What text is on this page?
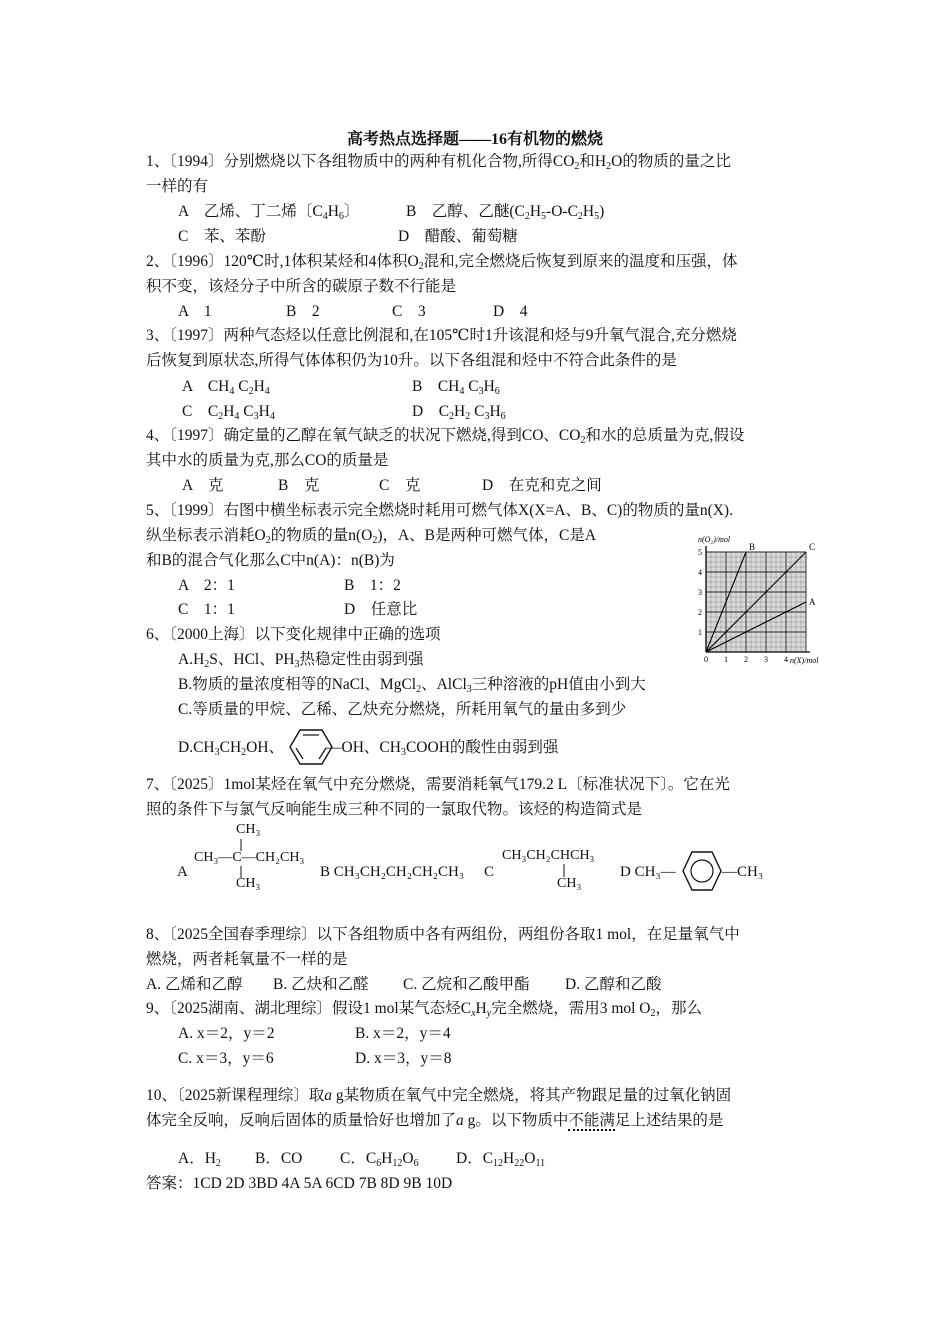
高考热点选择题——16有机物的燃烧
1、〔1994〕分别燃烧以下各组物质中的两种有机化合物,所得$CO_2$和$H_2O$的物质的量之比
一样的有
A　乙烯、丁二烯〔$C_4H_6$〕	B　乙醇、乙醚$(C_2H_5-O-C_2H_5)$
C　苯、苯酚	D　醋酸、葡萄糖
2、〔1996〕120℃时,1体积某烃和4体积$O_2$混和,完全燃烧后恢复到原来的温度和压强，体
积不变，该烃分子中所含的碳原子数不行能是
A　1	B　2	C　3	D　4
3、〔1997〕两种气态烃以任意比例混和,在105℃时1升该混和烃与9升氧气混合,充分燃烧
后恢复到原状态,所得气体体积仍为10升。以下各组混和烃中不符合此条件的是
A　$CH_4$ $C_2H_4$	B　$CH_4$ $C_3H_6$
C　$C_2H_4$ $C_3H_4$	D　$C_2H_2$ $C_3H_6$
4、〔1997〕确定量的乙醇在氧气缺乏的状况下燃烧,得到CO、$CO_2$和水的总质量为克,假设
其中水的质量为克,那么CO的质量是
A　克	B　克	C　克	D　在克和克之间
5、〔1999〕右图中横坐标表示完全燃烧时耗用可燃气体X(X=A、B、C)的物质的量n(X).
纵坐标表示消耗$O_2$的物质的量$n(O_2)$，A、B是两种可燃气体，C是A
和B的混合气化那么C中n(A)：n(B)为
A　2：1	B　1：2
C　1：1	D　任意比
n(O₂)/mol
A
B	C
0 1 2 3 4
1
2
3
4
5
n(X)/mol
6、〔2000上海〕以下变化规律中正确的选项
$A.H_2S$、HCl、$PH_3$热稳定性由弱到强
B.物质的量浓度相等的NaCl、MgCl$_2$、AlCl$_3$三种溶液的pH值由小到大
C.等质量的甲烷、乙稀、乙炔充分燃烧，所耗用氧气的量由多到少
$D.CH_3CH_2OH$、	—OH、$CH_3COOH$的酸性由弱到强
7、〔2025〕1mol某烃在氧气中充分燃烧，需要消耗氧气179.2 L〔标准状况下〕。它在光
照的条件下与氯气反响能生成三种不同的一氯取代物。该烃的构造简式是
A
CH₃
CH₃—C—CH₂CH₃
CH₃
B CH₃CH₂CH₂CH₂CH₃ C
CH₃CH₂CHCH₃
CH₃
D CH₃—	—CH₃
8、〔2025全国春季理综〕以下各组物质中各有两组份，两组份各取1 mol，在足量氧气中
燃烧，两者耗氧量不一样的是
A. 乙烯和乙醇 B. 乙炔和乙醛 C. 乙烷和乙酸甲酯 D. 乙醇和乙酸
9、〔2025湖南、湖北理综〕假设1 mol某气态烃$C_xH_y$完全燃烧，需用3 mol $O_2$，那么
A. x＝2，y＝2	B. x＝2，y＝4
C. x＝3，y＝6	D. x＝3，y＝8
10、〔2025新课程理综〕取a g某物质在氧气中完全燃烧，将其产物跟足量的过氧化钠固
体完全反响，反响后固体的质量恰好也增加了a g。以下物质中不能满足上述结果的是
A．$H_2$ B．CO C．$C_6H_{12}O_6$ D．$C_{12}H_{22}O_{11}$
答案：1CD 2D 3BD 4A 5A 6CD 7B 8D 9B 10D
